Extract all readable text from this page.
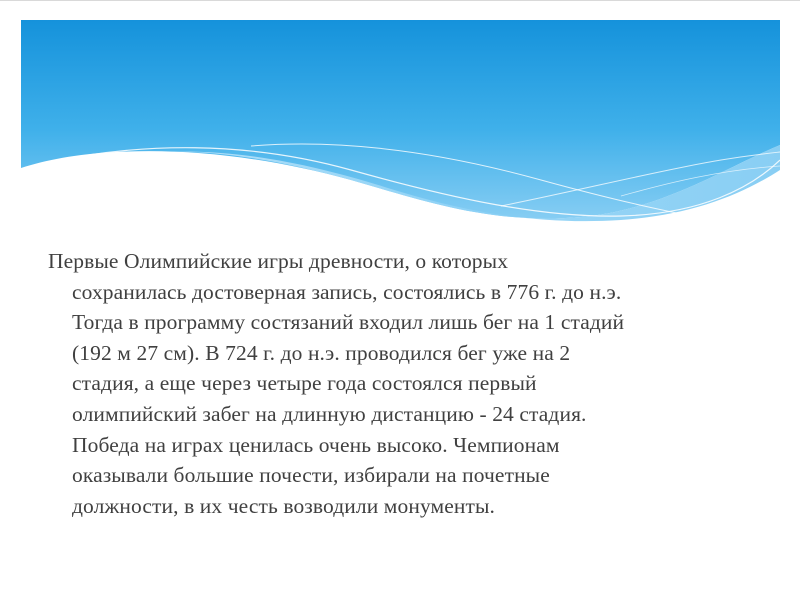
Первые Олимпийские игры древности, о которых
сохранилась достоверная запись, состоялись в 776 г. до н.э.
Тогда в программу состязаний входил лишь бег на 1 стадий
(192 м 27 см). В 724 г. до н.э. проводился бег уже на 2
стадия, а еще через четыре года состоялся первый
олимпийский забег на длинную дистанцию - 24 стадия.
Победа на играх ценилась очень высоко. Чемпионам
оказывали большие почести, избирали на почетные
должности, в их честь возводили монументы.
